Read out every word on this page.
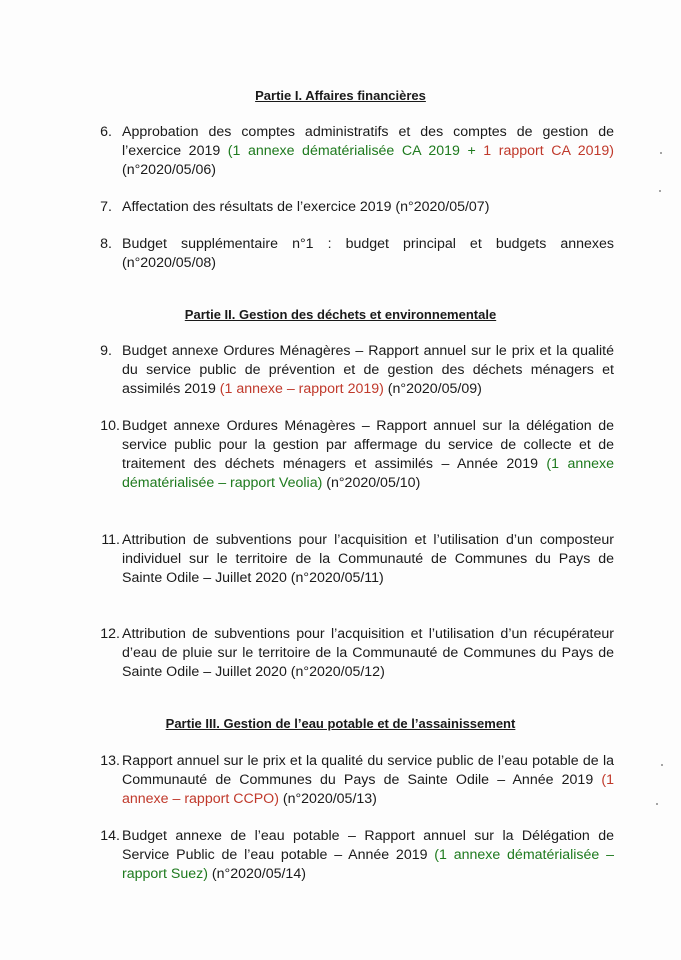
Partie I. Affaires financières

6. Approbation des comptes administratifs et des comptes de gestion de l’exercice 2019 (1 annexe dématérialisée CA 2019 + 1 rapport CA 2019) (n°2020/05/06)
7. Affectation des résultats de l’exercice 2019 (n°2020/05/07)
8. Budget supplémentaire n°1 : budget principal et budgets annexes
(n°2020/05/08)

Partie II. Gestion des déchets et environnementale

9. Budget annexe Ordures Ménagères – Rapport annuel sur le prix et la qualité du service public de prévention et de gestion des déchets ménagers et assimilés 2019 (1 annexe – rapport 2019) (n°2020/05/09)
10. Budget annexe Ordures Ménagères – Rapport annuel sur la délégation de service public pour la gestion par affermage du service de collecte et de traitement des déchets ménagers et assimilés – Année 2019 (1 annexe dématérialisée – rapport Veolia) (n°2020/05/10)
11. Attribution de subventions pour l’acquisition et l’utilisation d’un composteur individuel sur le territoire de la Communauté de Communes du Pays de Sainte Odile – Juillet 2020 (n°2020/05/11)
12. Attribution de subventions pour l’acquisition et l’utilisation d’un récupérateur d’eau de pluie sur le territoire de la Communauté de Communes du Pays de Sainte Odile – Juillet 2020 (n°2020/05/12)

Partie III. Gestion de l’eau potable et de l’assainissement

13. Rapport annuel sur le prix et la qualité du service public de l’eau potable de la Communauté de Communes du Pays de Sainte Odile – Année 2019 (1 annexe – rapport CCPO) (n°2020/05/13)
14. Budget annexe de l’eau potable – Rapport annuel sur la Délégation de Service Public de l’eau potable – Année 2019 (1 annexe dématérialisée – rapport Suez) (n°2020/05/14)
